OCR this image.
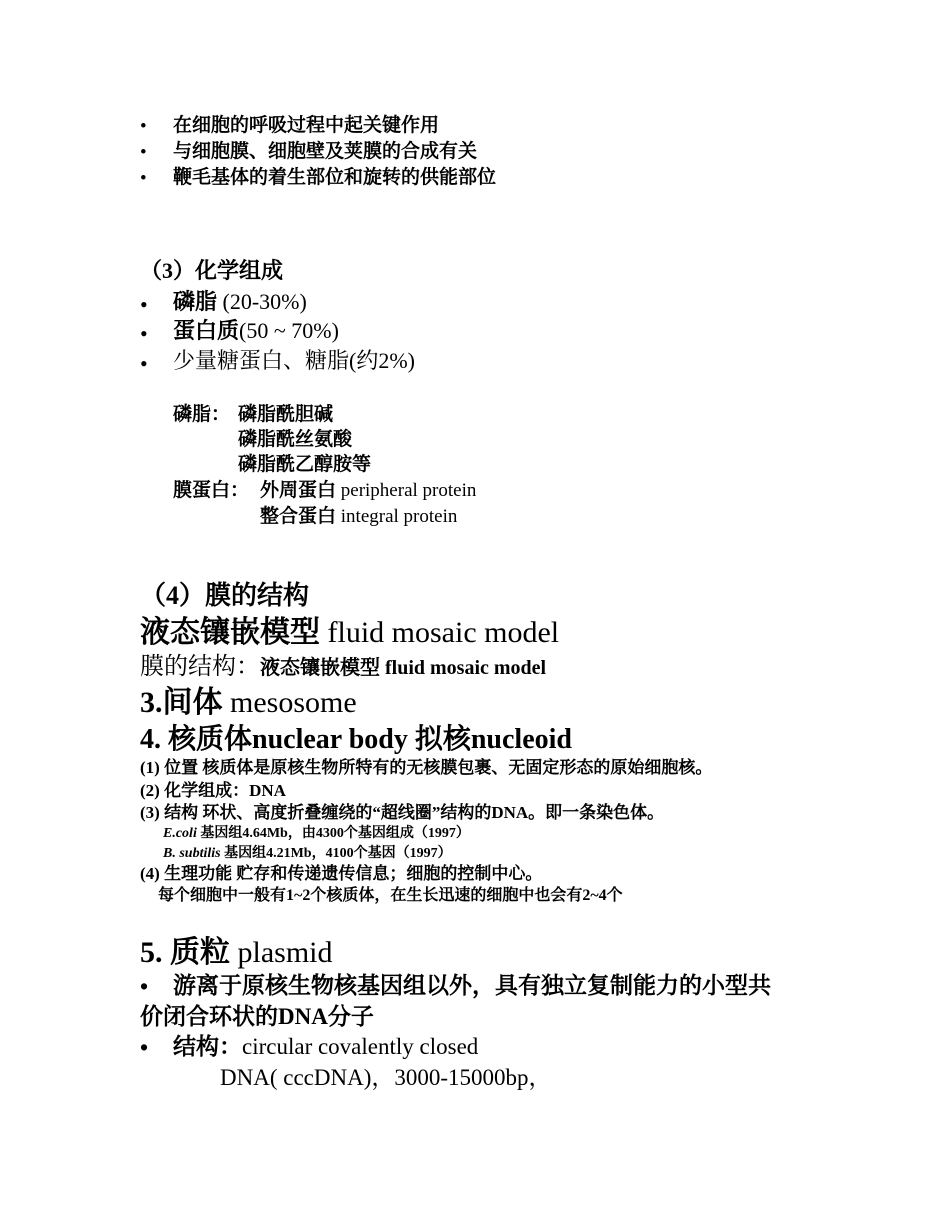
• 在细胞的呼吸过程中起关键作用
• 与细胞膜、细胞壁及荚膜的合成有关
• 鞭毛基体的着生部位和旋转的供能部位
（3）化学组成
• 磷脂 (20-30%)
• 蛋白质(50 ~ 70%)
• 少量糖蛋白、糖脂(约2%)
磷脂： 磷脂酰胆碱
磷脂酰丝氨酸
磷脂酰乙醇胺等
膜蛋白： 外周蛋白 peripheral protein
整合蛋白 integral protein
（4）膜的结构
液态镶嵌模型 fluid mosaic model
膜的结构：液态镶嵌模型 fluid mosaic model
3.间体 mesosome
4. 核质体nuclear body 拟核nucleoid
(1) 位置 核质体是原核生物所特有的无核膜包裹、无固定形态的原始细胞核。
(2) 化学组成：DNA
(3) 结构 环状、高度折叠缠绕的“超线圈”结构的DNA。即一条染色体。
E.coli 基因组4.64Mb，由4300个基因组成（1997）
B. subtilis 基因组4.21Mb，4100个基因（1997）
(4) 生理功能 贮存和传递遗传信息；细胞的控制中心。
每个细胞中一般有1~2个核质体，在生长迅速的细胞中也会有2~4个
5. 质粒 plasmid
• 游离于原核生物核基因组以外，具有独立复制能力的小型共
价闭合环状的DNA分子
• 结构：circular covalently closed
DNA( cccDNA)，3000-15000bp，
